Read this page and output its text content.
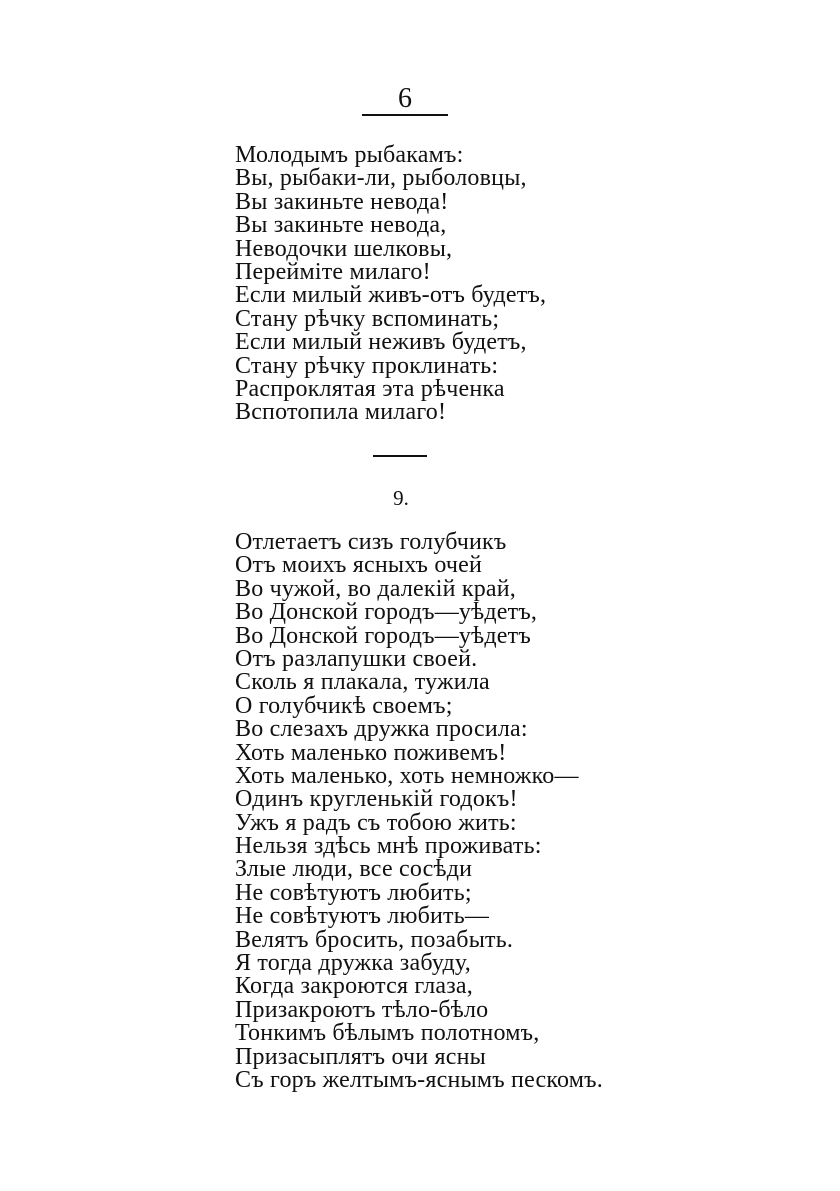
6
Молодымъ рыбакамъ:
Вы, рыбаки-ли, рыболовцы,
Вы закиньте невода!
Вы закиньте невода,
Неводочки шелковы,
Перейміте милаго!
Если милый живъ-отъ будетъ,
Стану рѣчку вспоминать;
Если милый неживъ будетъ,
Стану рѣчку проклинать:
Распроклятая эта рѣченка
Вспотопила милаго!
9.
Отлетаетъ сизъ голубчикъ
Отъ моихъ ясныхъ очей
Во чужой, во далекій край,
Во Донской городъ—уѣдетъ,
Во Донской городъ—уѣдетъ
Отъ разлапушки своей.
Сколь я плакала, тужила
О голубчикѣ своемъ;
Во слезахъ дружка просила:
Хоть маленько поживемъ!
Хоть маленько, хоть немножко—
Одинъ кругленькій годокъ!
Ужъ я радъ съ тобою жить:
Нельзя здѣсь мнѣ проживать:
Злые люди, все сосѣди
Не совѣтуютъ любить;
Не совѣтуютъ любить—
Велятъ бросить, позабыть.
Я тогда дружка забуду,
Когда закроются глаза,
Призакроютъ тѣло-бѣло
Тонкимъ бѣлымъ полотномъ,
Призасыплятъ очи ясны
Съ горъ желтымъ-яснымъ пескомъ.
